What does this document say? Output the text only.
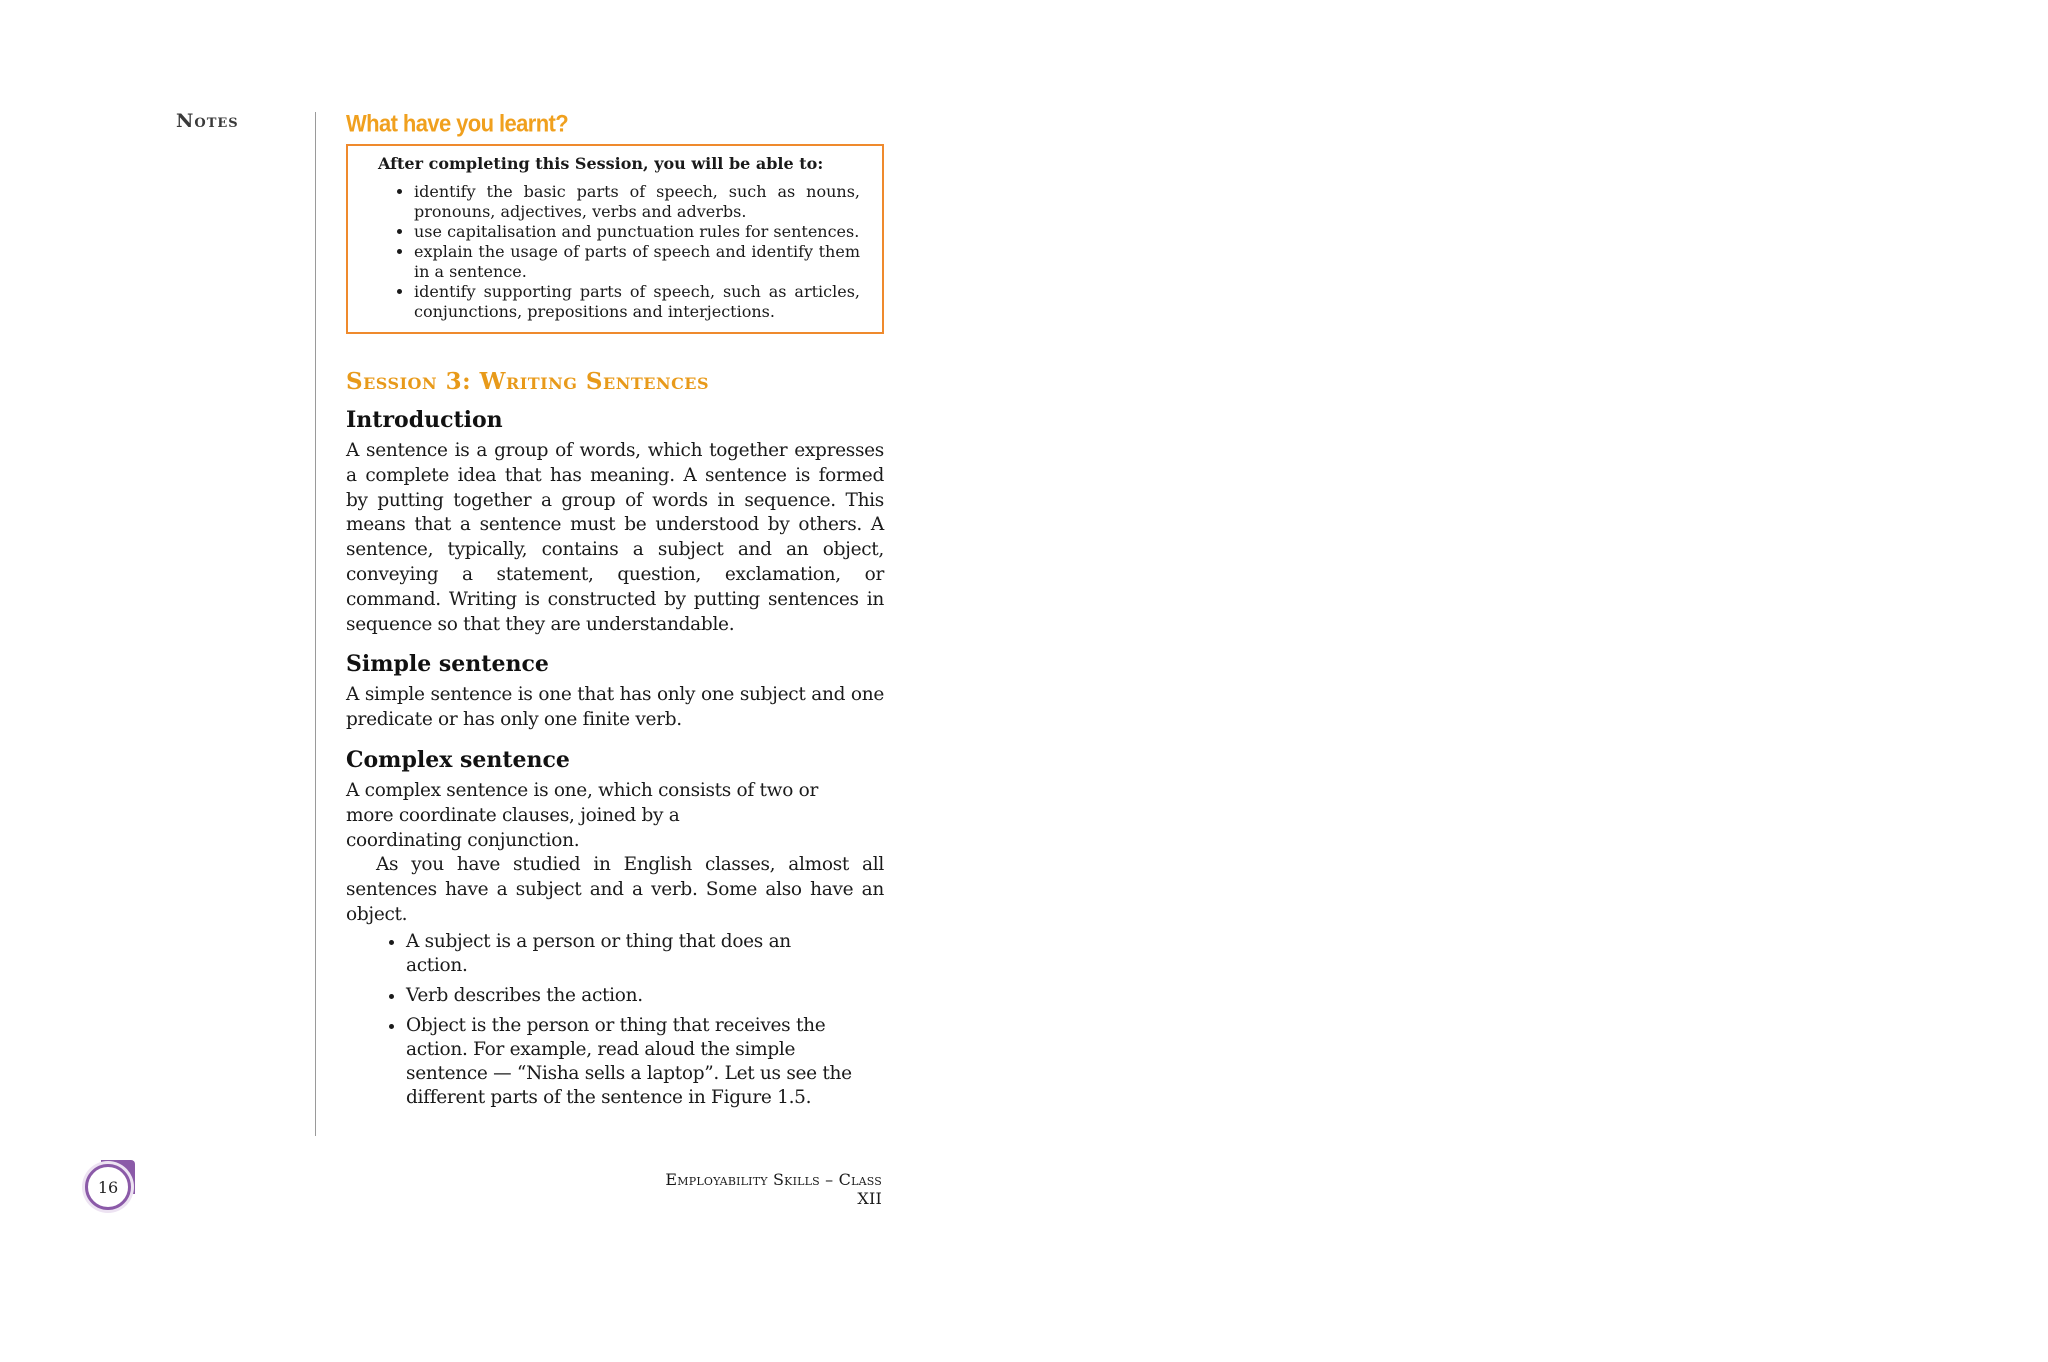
Notes	What have you learnt?
After completing this Session, you will be able to:
• identify the basic parts of speech, such as nouns, pronouns, adjectives, verbs and adverbs.
• use capitalisation and punctuation rules for sentences.
• explain the usage of parts of speech and identify them in a sentence.
• identify supporting parts of speech, such as articles, conjunctions, prepositions and interjections.
Session 3: Writing Sentences
Introduction

A sentence is a group of words, which together expresses a complete idea that has meaning. A sentence is formed by putting together a group of words in sequence. This means that a sentence must be understood by others. A sentence, typically, contains a subject and an object, conveying a statement, question, exclamation, or command. Writing is constructed by putting sentences in sequence so that they are understandable.

Simple sentence

A simple sentence is one that has only one subject and one predicate or has only one finite verb.

Complex sentence

A complex sentence is one, which consists of two or
more coordinate clauses, joined by a
coordinating conjunction.

As you have studied in English classes, almost all sentences have a subject and a verb. Some also have an object.

• A subject is a person or thing that does an action.
• Verb describes the action.
• Object is the person or thing that receives the action. For example, read aloud the simple sentence — “Nisha sells a laptop”. Let us see the different parts of the sentence in Figure 1.5.
16	Employability Skills – Class XII
